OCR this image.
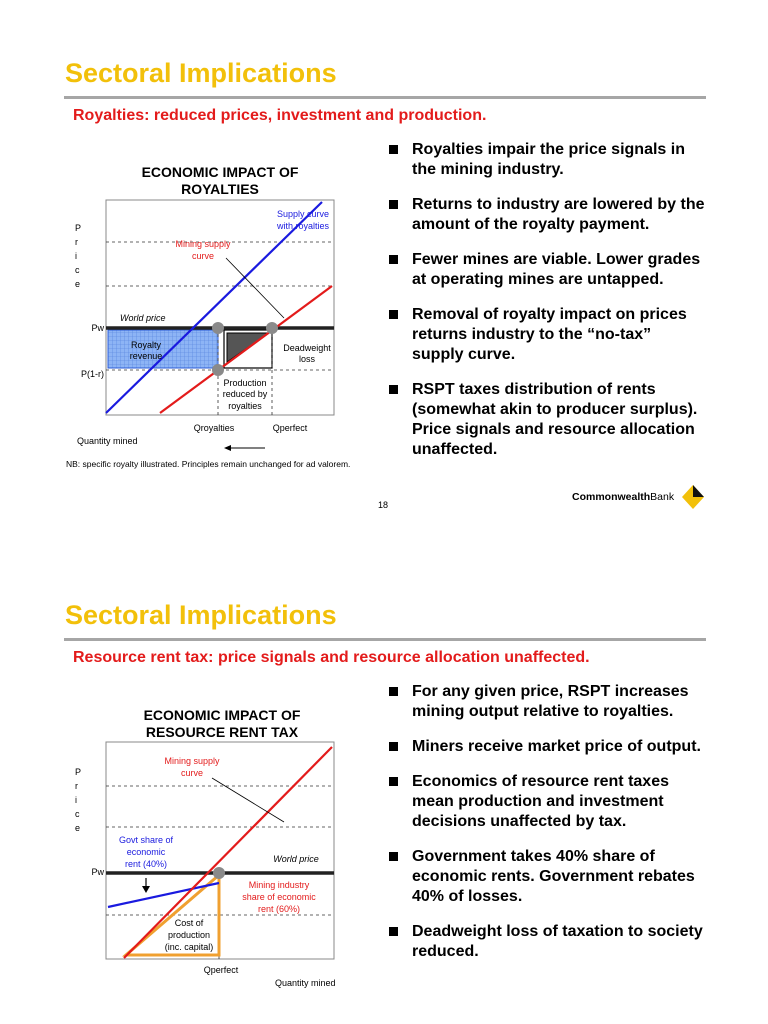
Sectoral Implications
Royalties: reduced prices, investment and production.
ECONOMIC IMPACT OF ROYALTIES
P
r
i
c
e
Supply curve
with royalties
Mining supply
curve
World price
Pw
P(1-r)
Royalty
revenue
Deadweight
loss
Production
reduced by
royalties
Qroyalties	Qperfect
Quantity mined
NB: specific royalty illustrated. Principles remain unchanged for ad valorem.
Royalties impair the price signals in the mining industry.
Returns to industry are lowered by the amount of the royalty payment.
Fewer mines are viable. Lower grades at operating mines are untapped.
Removal of royalty impact on prices returns industry to the “no-tax” supply curve.
RSPT taxes distribution of rents (somewhat akin to producer surplus). Price signals and resource allocation unaffected.
18
CommonwealthBank
Sectoral Implications
Resource rent tax: price signals and resource allocation unaffected.
ECONOMIC IMPACT OF RESOURCE RENT TAX
P
r
i
c
e
Mining supply
curve
Govt share of
economic
rent (40%)	World price
Pw
Mining industry
share of economic
rent (60%)
Cost of
production
(inc. capital)
Qperfect
Quantity mined
For any given price, RSPT increases mining output relative to royalties.
Miners receive market price of output.
Economics of resource rent taxes mean production and investment decisions unaffected by tax.
Government takes 40% share of economic rents. Government rebates 40% of losses.
Deadweight loss of taxation to society reduced.
